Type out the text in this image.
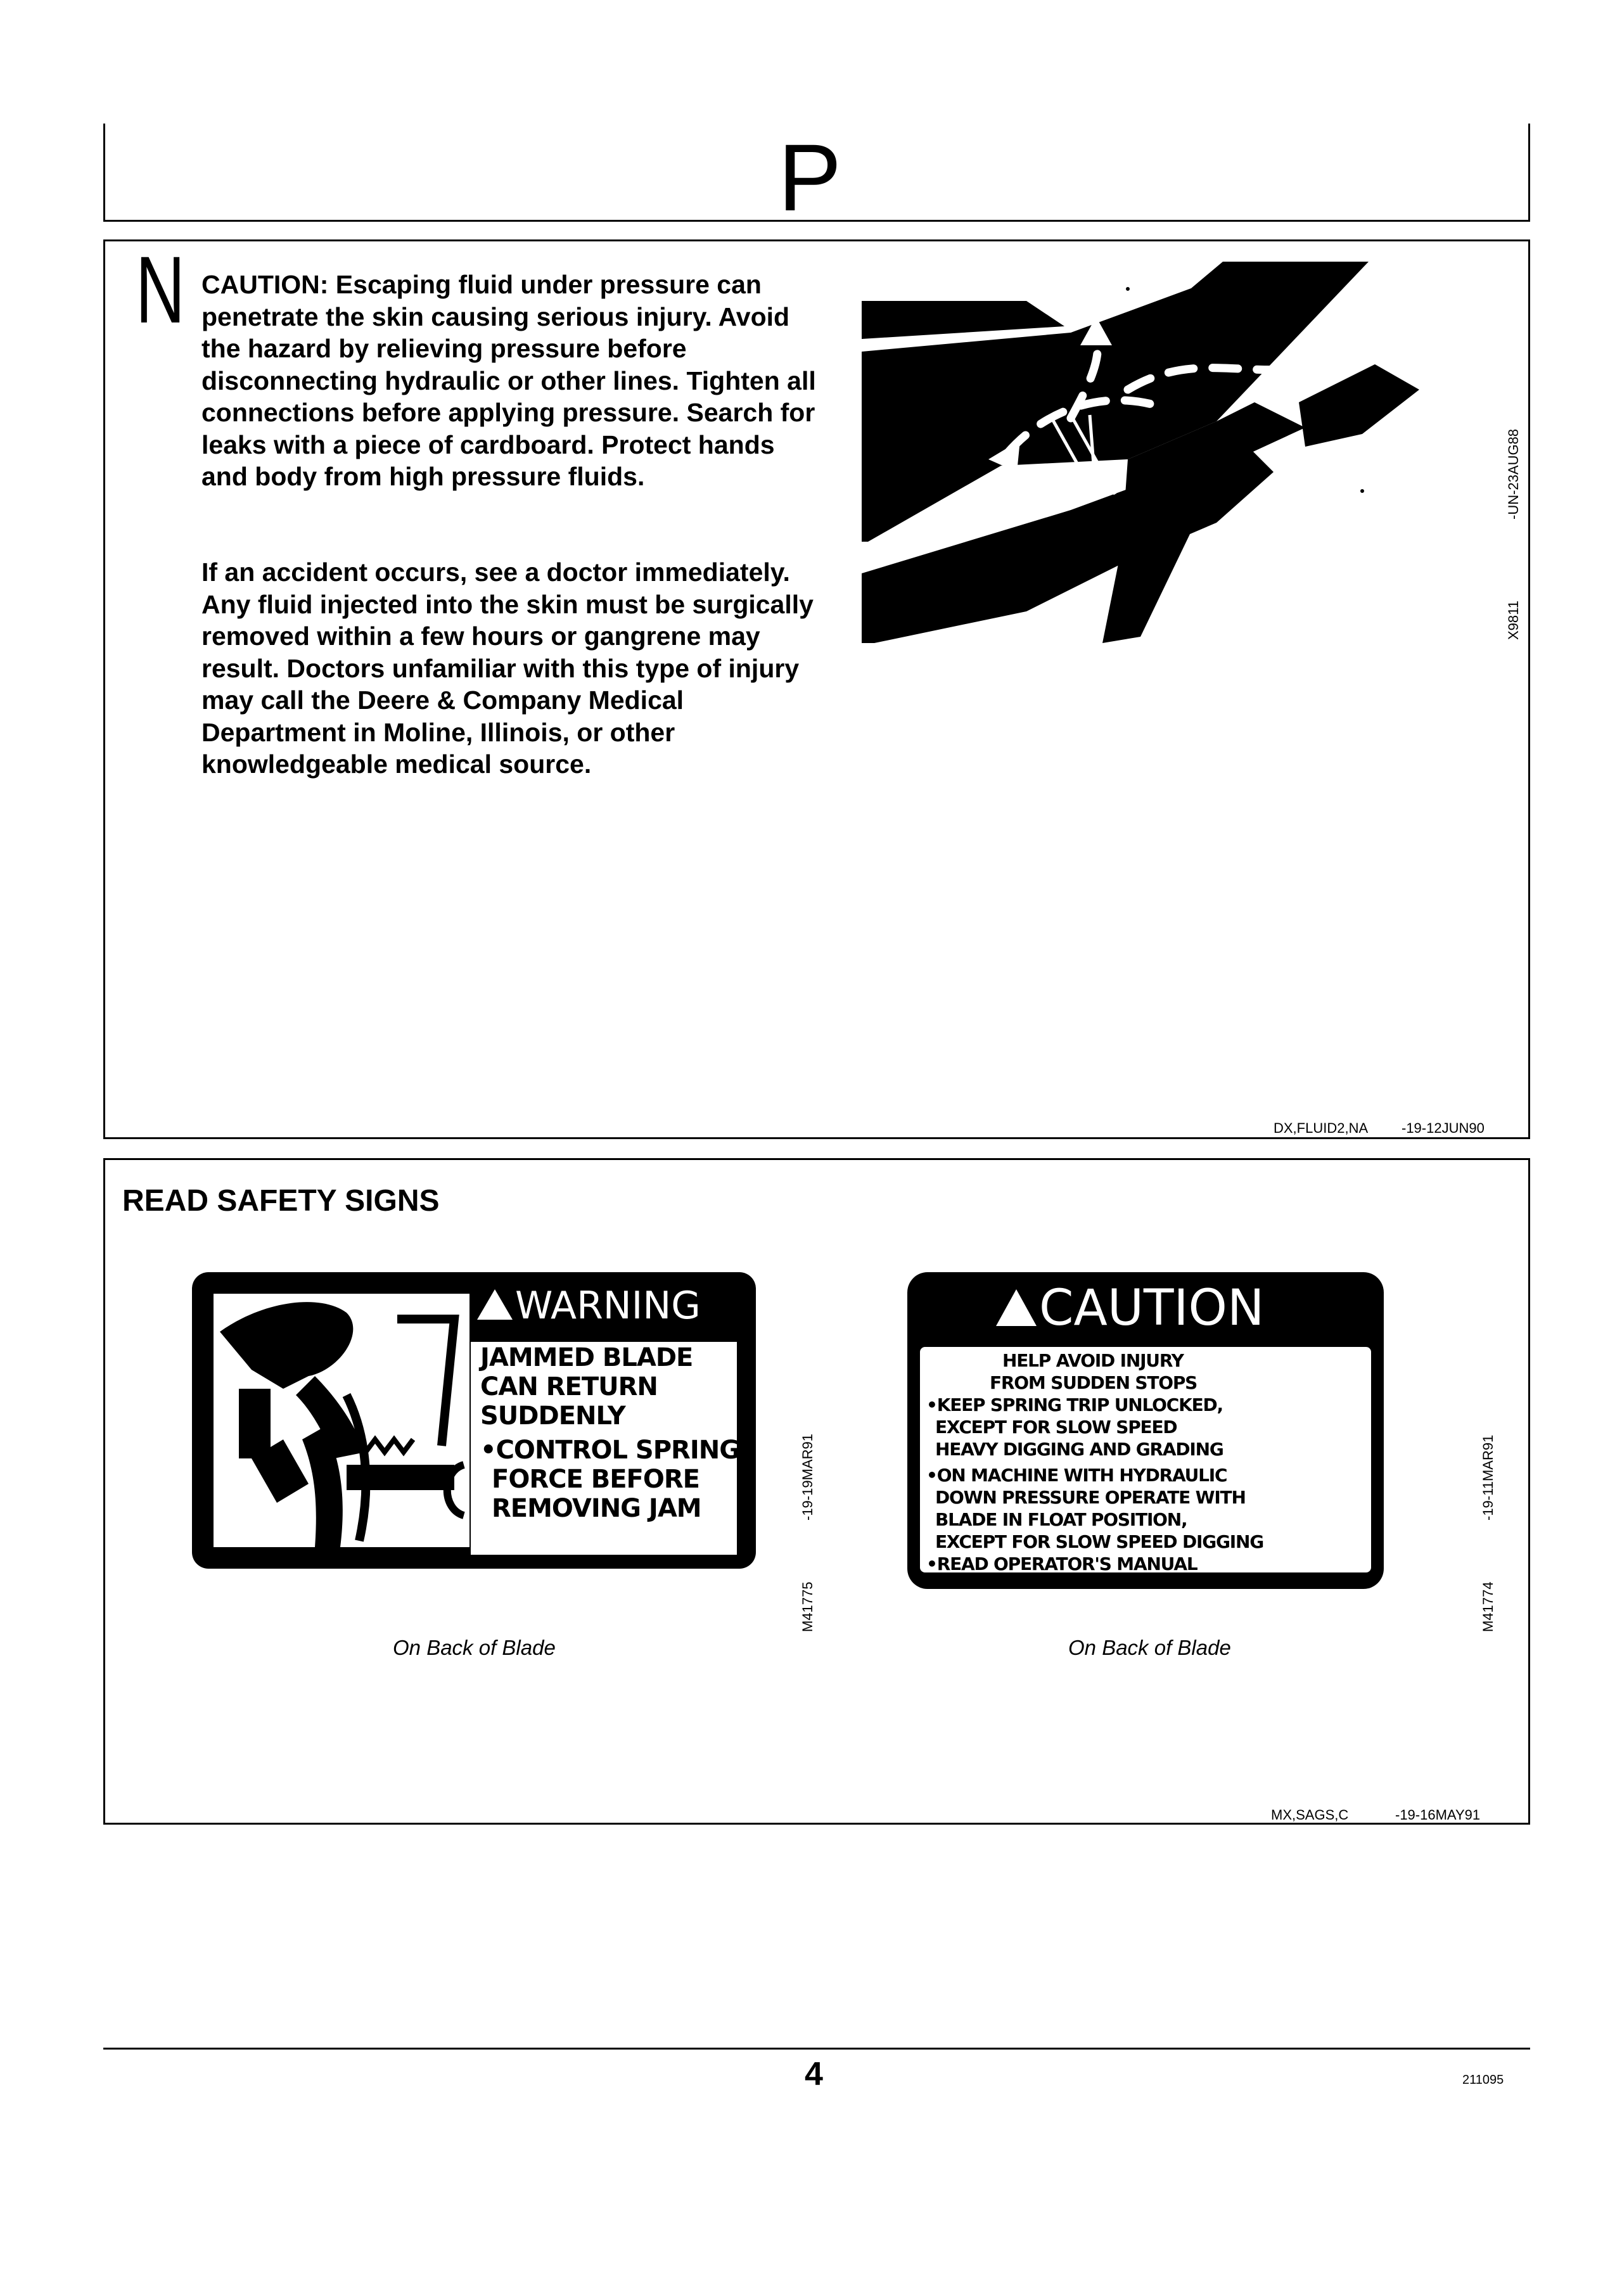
P
N CAUTION: Escaping fluid under pressure can penetrate the skin causing serious injury. Avoid the hazard by relieving pressure before disconnecting hydraulic or other lines. Tighten all connections before applying pressure. Search for leaks with a piece of cardboard. Protect hands and body from high pressure fluids.
If an accident occurs, see a doctor immediately. Any fluid injected into the skin must be surgically removed within a few hours or gangrene may result. Doctors unfamiliar with this type of injury may call the Deere & Company Medical Department in Moline, Illinois, or other knowledgeable medical source.
X9811
-UN-23AUG88
DX,FLUID2,NA -19-12JUN90
READ SAFETY SIGNS
WARNING
JAMMED BLADE
CAN RETURN
SUDDENLY
•CONTROL SPRING
FORCE BEFORE
REMOVING JAM
M41775
-19-19MAR91
On Back of Blade
CAUTION
HELP AVOID INJURY
FROM SUDDEN STOPS
•KEEP SPRING TRIP UNLOCKED,
EXCEPT FOR SLOW SPEED
HEAVY DIGGING AND GRADING
•ON MACHINE WITH HYDRAULIC
DOWN PRESSURE OPERATE WITH
BLADE IN FLOAT POSITION,
EXCEPT FOR SLOW SPEED DIGGING
•READ OPERATOR'S MANUAL
M41774
-19-11MAR91
On Back of Blade
MX,SAGS,C	-19-16MAY91
4	211095
